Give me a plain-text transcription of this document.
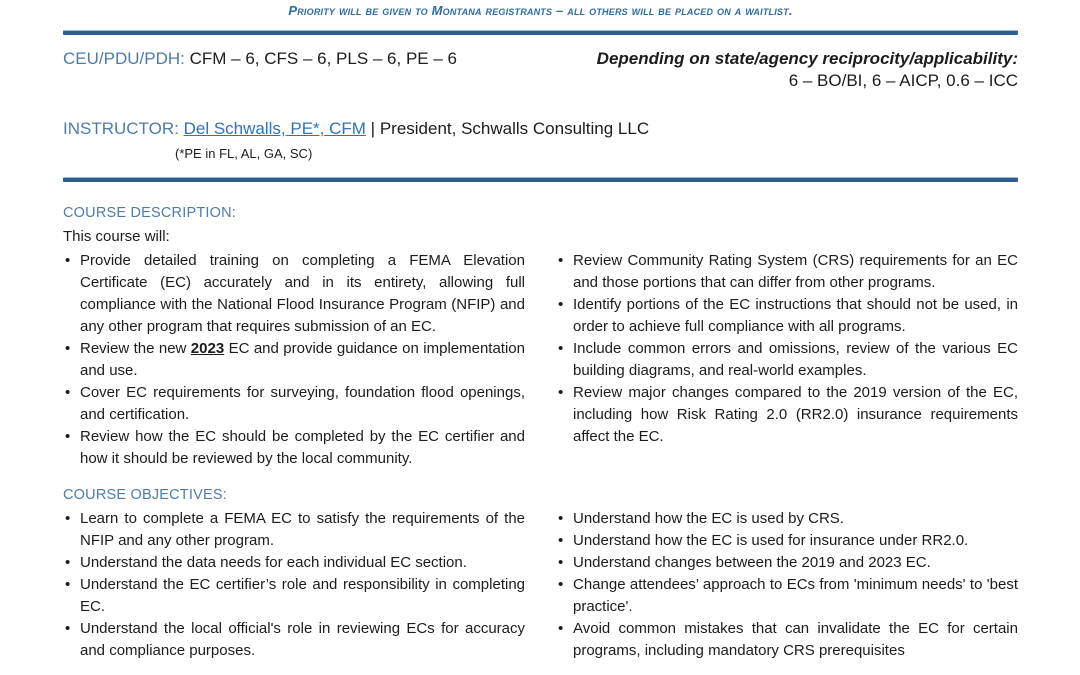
Priority will be given to Montana registrants – all others will be placed on a waitlist.
CEU/PDU/PDH: CFM – 6, CFS – 6, PLS – 6, PE – 6	Depending on state/agency reciprocity/applicability:
6 – BO/BI, 6 – AICP, 0.6 – ICC
INSTRUCTOR: Del Schwalls, PE*, CFM | President, Schwalls Consulting LLC
(*PE in FL, AL, GA, SC)
COURSE DESCRIPTION:
This course will:
• Provide detailed training on completing a FEMA Elevation Certificate (EC) accurately and in its entirety, allowing full compliance with the National Flood Insurance Program (NFIP) and any other program that requires submission of an EC.
• Review the new 2023 EC and provide guidance on implementation and use.
• Cover EC requirements for surveying, foundation flood openings, and certification.
• Review how the EC should be completed by the EC certifier and how it should be reviewed by the local community.
• Review Community Rating System (CRS) requirements for an EC and those portions that can differ from other programs.
• Identify portions of the EC instructions that should not be used, in order to achieve full compliance with all programs.
• Include common errors and omissions, review of the various EC building diagrams, and real-world examples.
• Review major changes compared to the 2019 version of the EC, including how Risk Rating 2.0 (RR2.0) insurance requirements affect the EC.
COURSE OBJECTIVES:
• Learn to complete a FEMA EC to satisfy the requirements of the NFIP and any other program.
• Understand the data needs for each individual EC section.
• Understand the EC certifier’s role and responsibility in completing EC.
• Understand the local official's role in reviewing ECs for accuracy and compliance purposes.
• Understand how the EC is used by CRS.
• Understand how the EC is used for insurance under RR2.0.
• Understand changes between the 2019 and 2023 EC.
• Change attendees’ approach to ECs from 'minimum needs' to 'best practice'.
• Avoid common mistakes that can invalidate the EC for certain programs, including mandatory CRS prerequisites
